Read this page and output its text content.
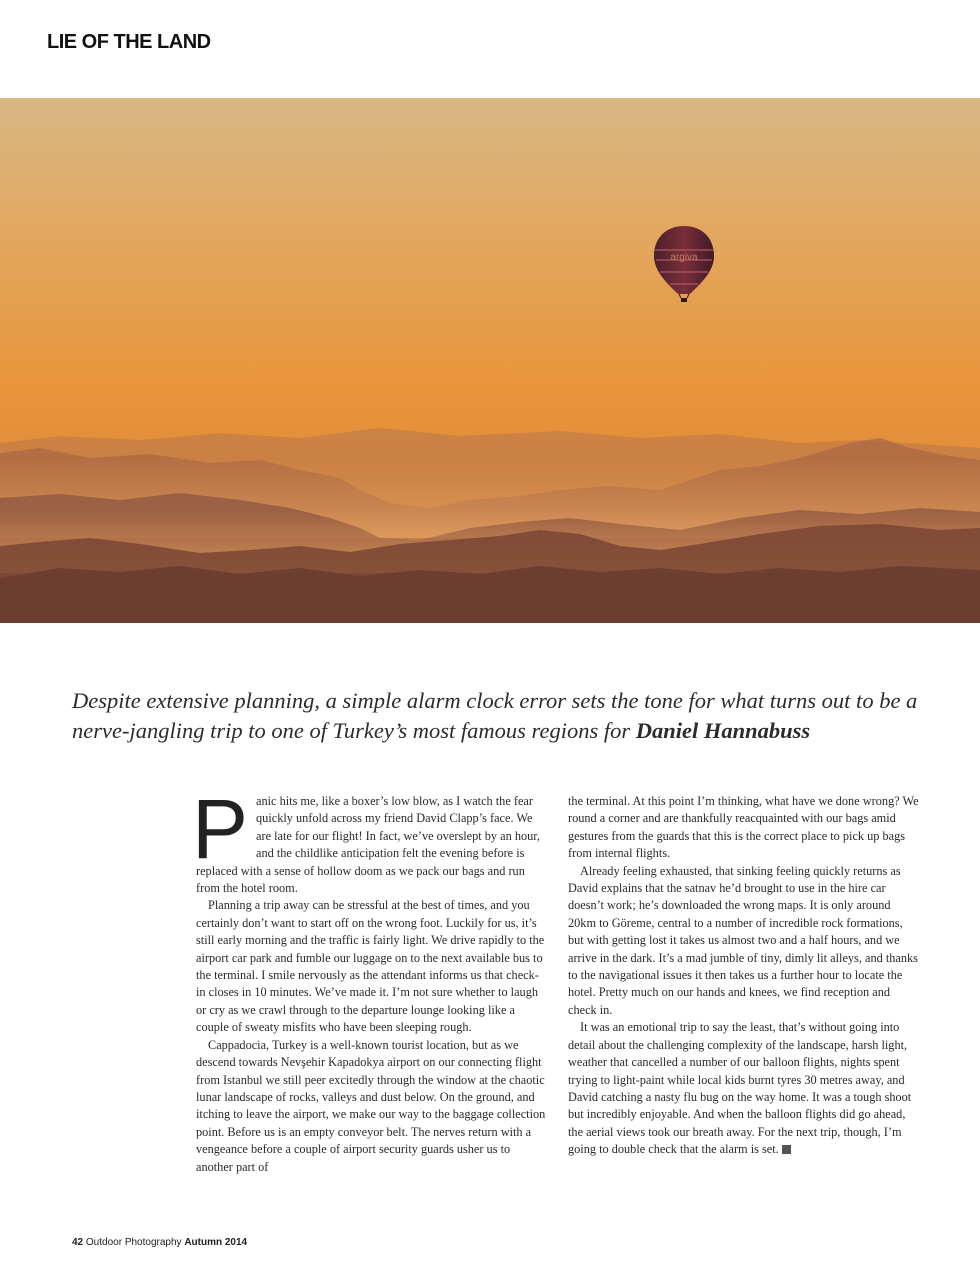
LIE OF THE LAND
argiva

Despite extensive planning, a simple alarm clock error sets the tone for what turns out to be a nerve-jangling trip to one of Turkey’s most famous regions for Daniel Hannabuss

Panic hits me, like a boxer’s low blow, as I watch the fear quickly unfold across my friend David Clapp’s face. We are late for our flight! In fact, we’ve overslept by an hour, and the childlike anticipation felt the evening before is replaced with a sense of hollow doom as we pack our bags and run from the hotel room.

Planning a trip away can be stressful at the best of times, and you certainly don’t want to start off on the wrong foot. Luckily for us, it’s still early morning and the traffic is fairly light. We drive rapidly to the airport car park and fumble our luggage on to the next available bus to the terminal. I smile nervously as the attendant informs us that check-in closes in 10 minutes. We’ve made it. I’m not sure whether to laugh or cry as we crawl through to the departure lounge looking like a couple of sweaty misfits who have been sleeping rough.

Cappadocia, Turkey is a well-known tourist location, but as we descend towards Nevşehir Kapadokya airport on our connecting flight from Istanbul we still peer excitedly through the window at the chaotic lunar landscape of rocks, valleys and dust below. On the ground, and itching to leave the airport, we make our way to the baggage collection point. Before us is an empty conveyor belt. The nerves return with a vengeance before a couple of airport security guards usher us to another part of

the terminal. At this point I’m thinking, what have we done wrong? We round a corner and are thankfully reacquainted with our bags amid gestures from the guards that this is the correct place to pick up bags from internal flights.

Already feeling exhausted, that sinking feeling quickly returns as David explains that the satnav he’d brought to use in the hire car doesn’t work; he’s downloaded the wrong maps. It is only around 20km to Göreme, central to a number of incredible rock formations, but with getting lost it takes us almost two and a half hours, and we arrive in the dark. It’s a mad jumble of tiny, dimly lit alleys, and thanks to the navigational issues it then takes us a further hour to locate the hotel. Pretty much on our hands and knees, we find reception and check in.

It was an emotional trip to say the least, that’s without going into detail about the challenging complexity of the landscape, harsh light, weather that cancelled a number of our balloon flights, nights spent trying to light-paint while local kids burnt tyres 30 metres away, and David catching a nasty flu bug on the way home. It was a tough shoot but incredibly enjoyable. And when the balloon flights did go ahead, the aerial views took our breath away. For the next trip, though, I’m going to double check that the alarm is set.

42 Outdoor Photography Autumn 2014
